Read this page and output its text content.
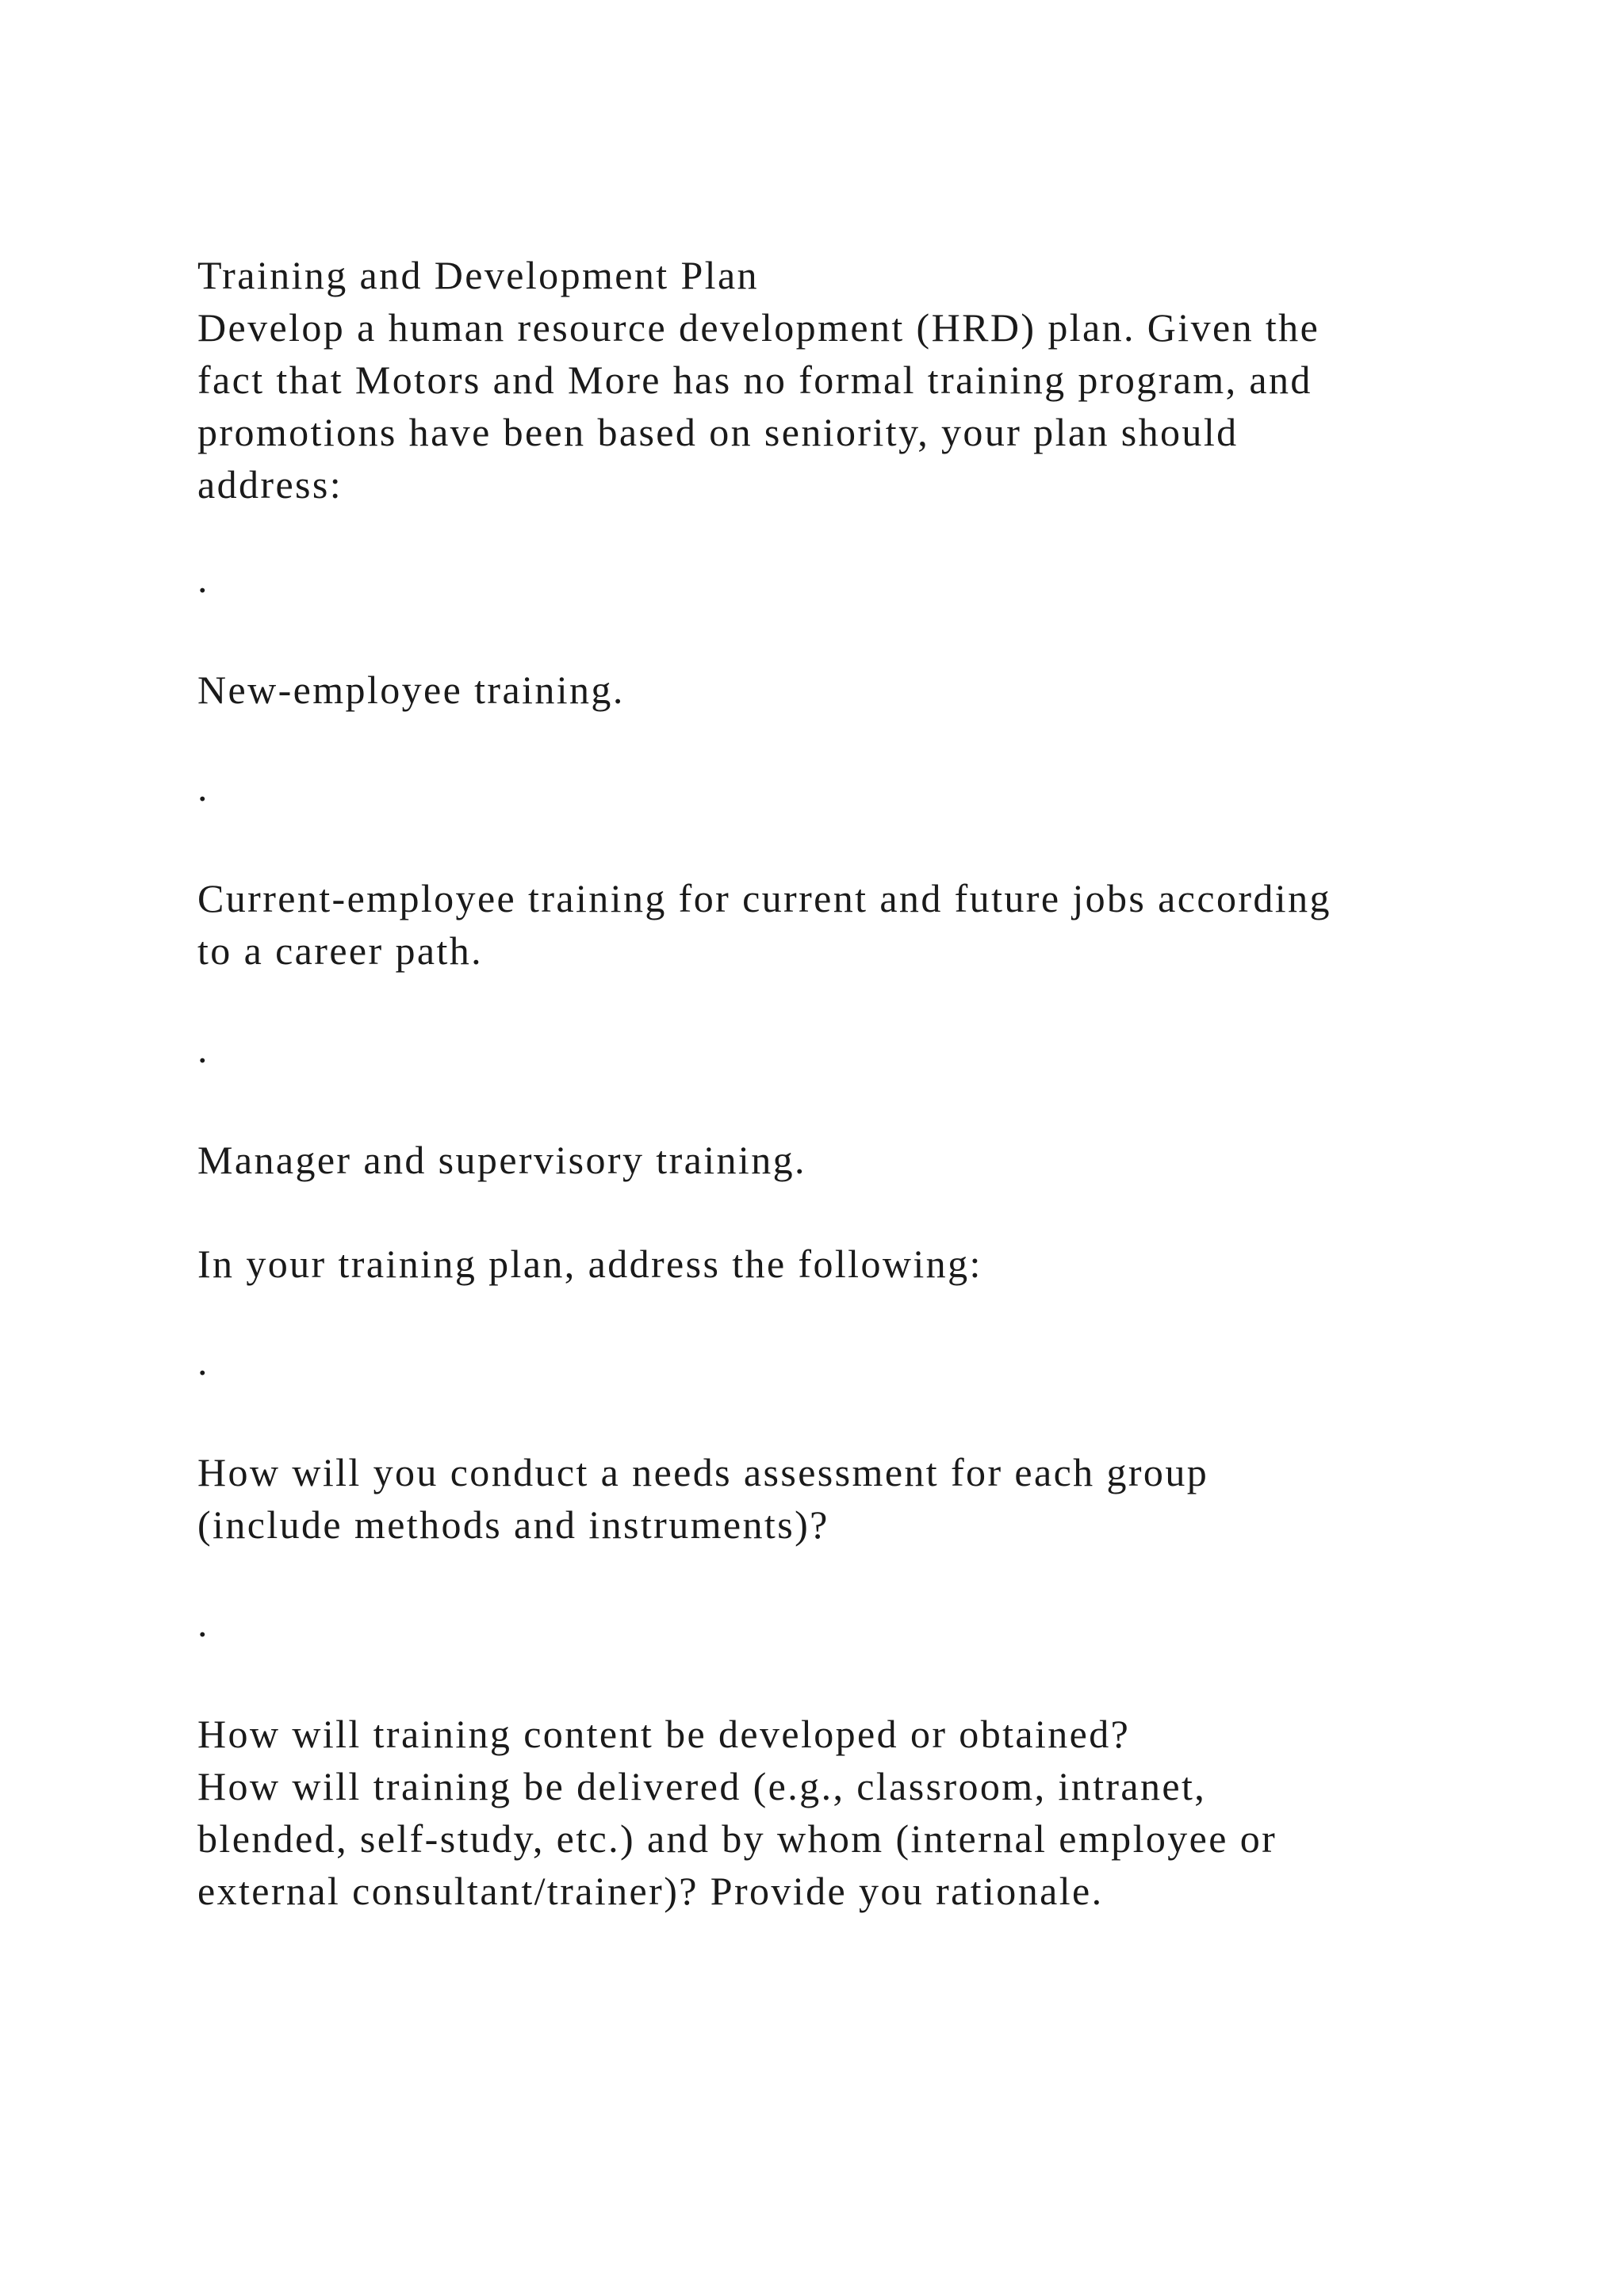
Training and Development Plan

Develop a human resource development (HRD) plan. Given the

fact that Motors and More has no formal training program, and

promotions have been based on seniority, your plan should

address:

.

New-employee training.

.

Current-employee training for current and future jobs according

to a career path.

.

Manager and supervisory training.

In your training plan, address the following:

.

How will you conduct a needs assessment for each group

(include methods and instruments)?

.

How will training content be developed or obtained?

How will training be delivered (e.g., classroom, intranet,

blended, self-study, etc.) and by whom (internal employee or

external consultant/trainer)? Provide you rationale.
